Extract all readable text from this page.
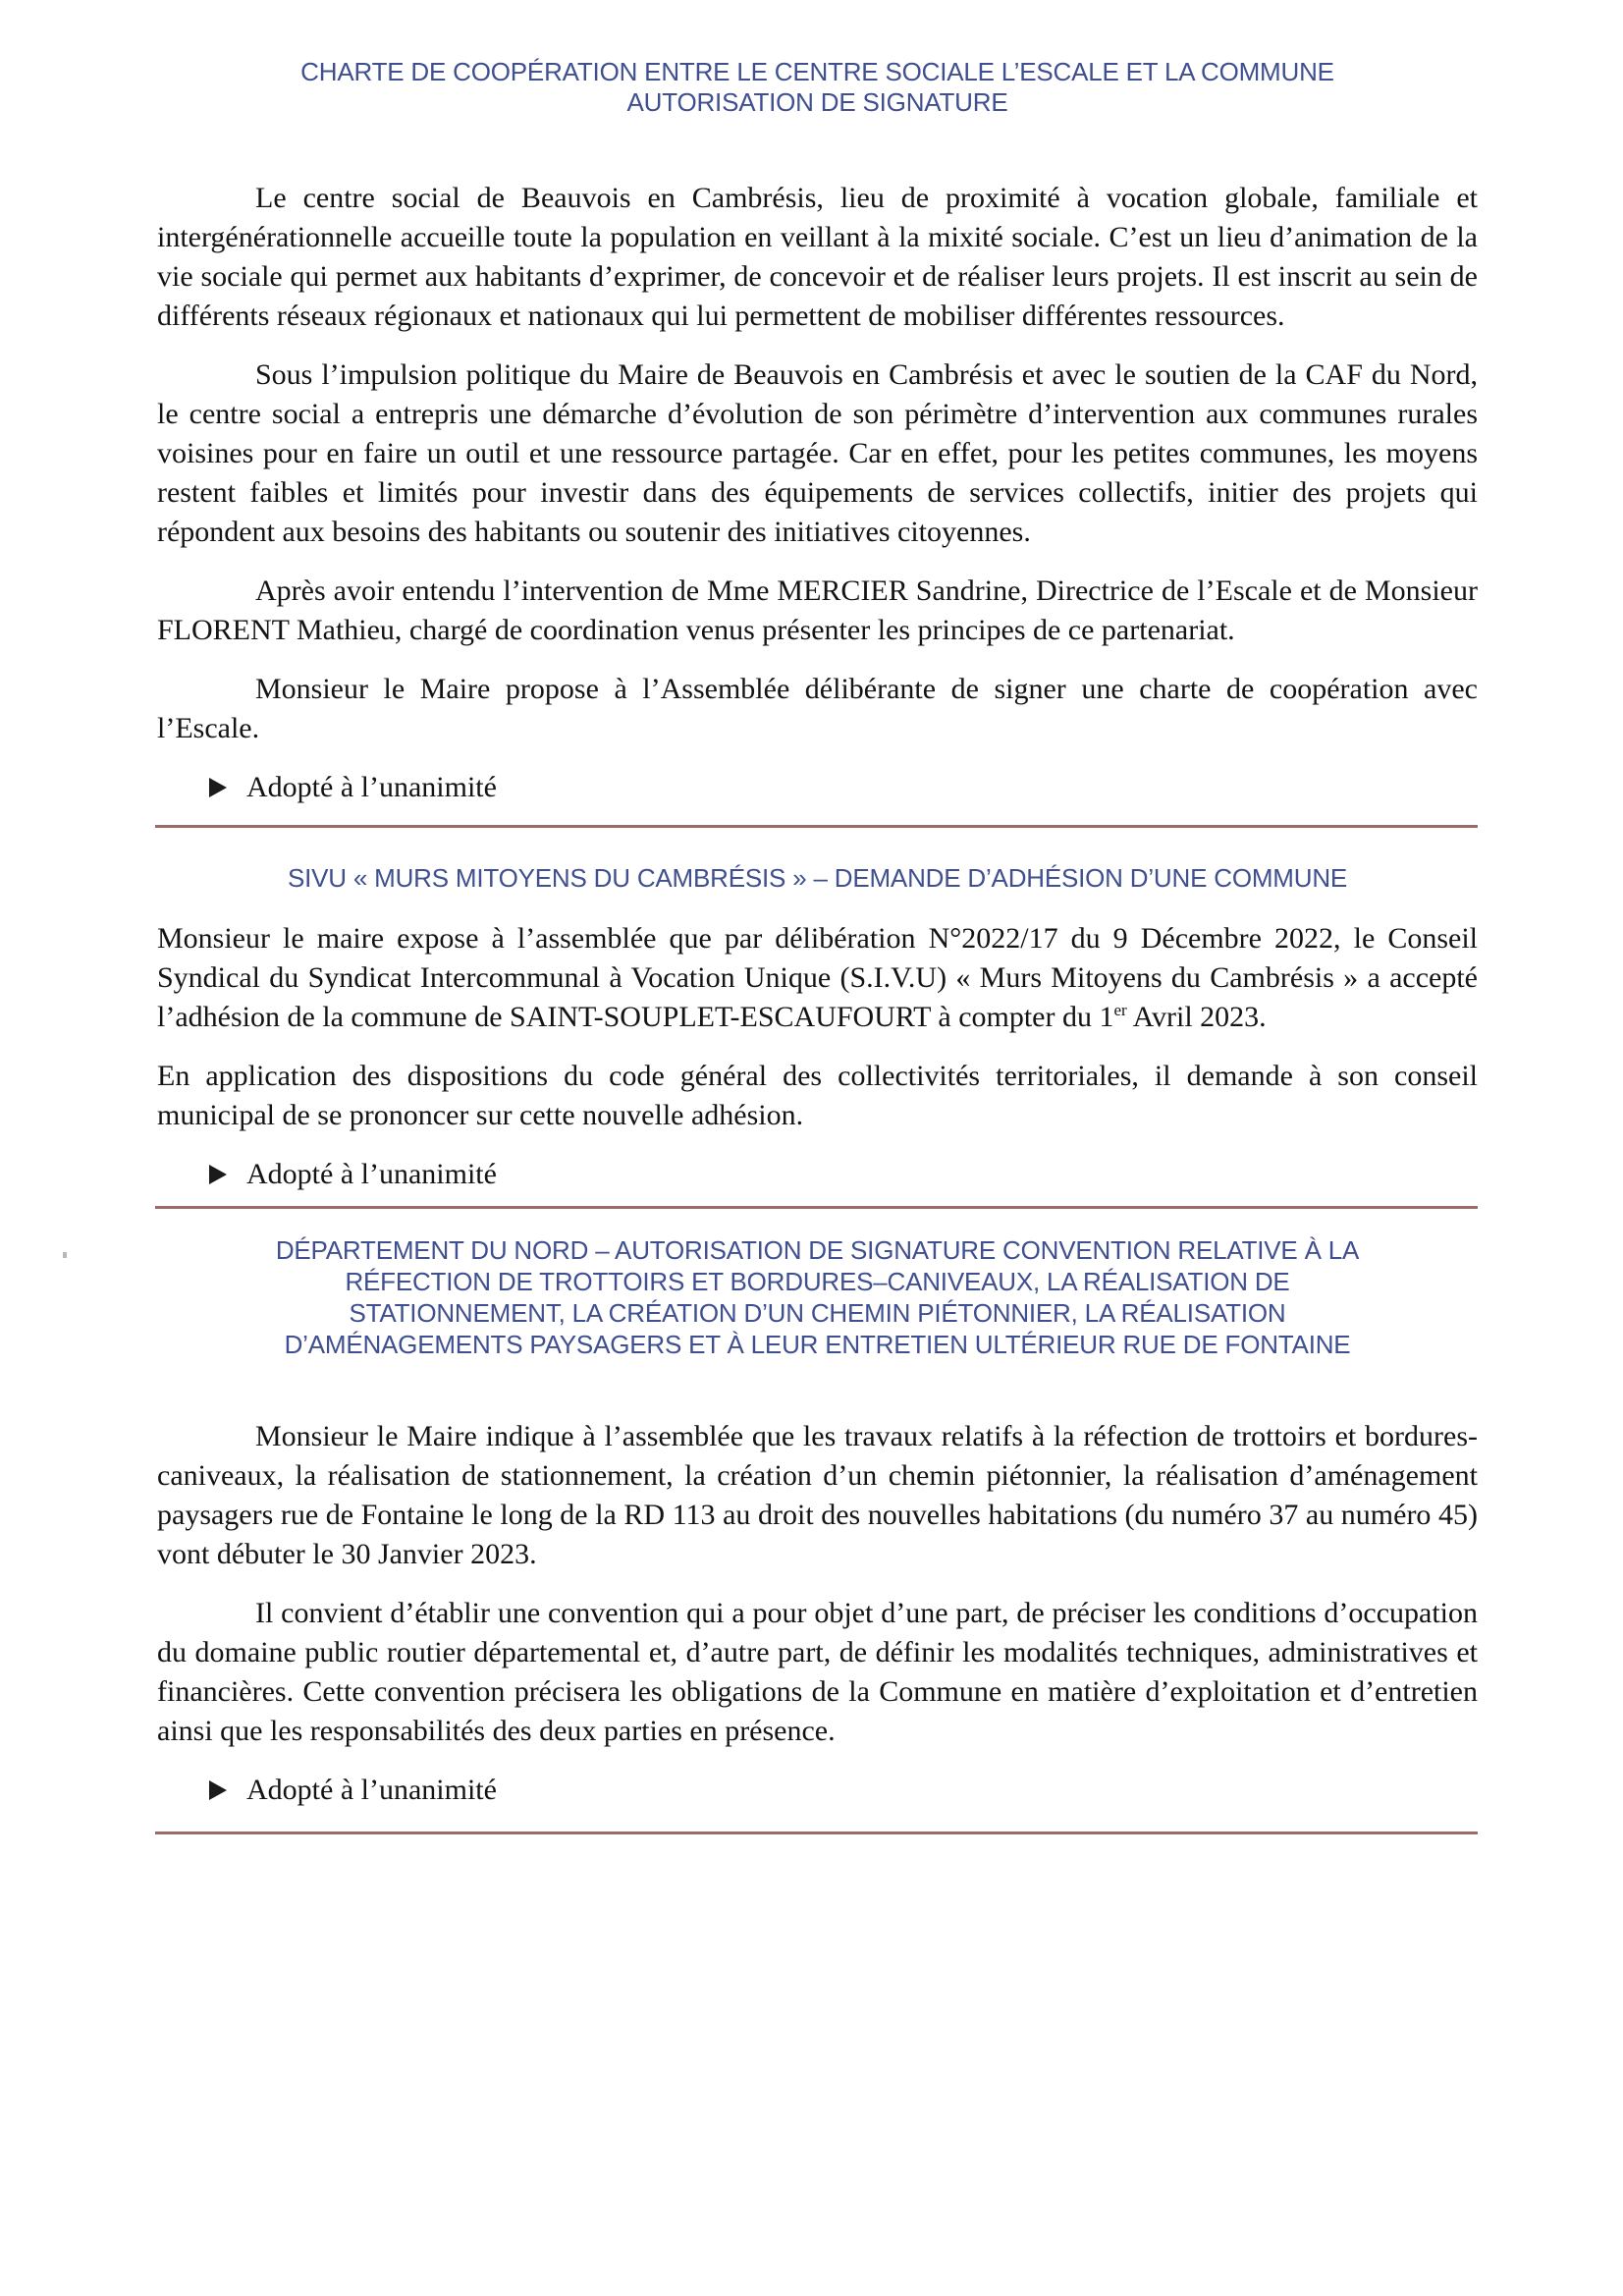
CHARTE DE COOPÉRATION ENTRE LE CENTRE SOCIALE L’ESCALE ET LA COMMUNE
AUTORISATION DE SIGNATURE

Le centre social de Beauvois en Cambrésis, lieu de proximité à vocation globale, familiale et intergénérationnelle accueille toute la population en veillant à la mixité sociale. C’est un lieu d’animation de la vie sociale qui permet aux habitants d’exprimer, de concevoir et de réaliser leurs projets. Il est inscrit au sein de différents réseaux régionaux et nationaux qui lui permettent de mobiliser différentes ressources.

Sous l’impulsion politique du Maire de Beauvois en Cambrésis et avec le soutien de la CAF du Nord, le centre social a entrepris une démarche d’évolution de son périmètre d’intervention aux communes rurales voisines pour en faire un outil et une ressource partagée. Car en effet, pour les petites communes, les moyens restent faibles et limités pour investir dans des équipements de services collectifs, initier des projets qui répondent aux besoins des habitants ou soutenir des initiatives citoyennes.

Après avoir entendu l’intervention de Mme MERCIER Sandrine, Directrice de l’Escale et de Monsieur FLORENT Mathieu, chargé de coordination venus présenter les principes de ce partenariat.

Monsieur le Maire propose à l’Assemblée délibérante de signer une charte de coopération avec l’Escale.

Adopté à l’unanimité
SIVU « MURS MITOYENS DU CAMBRÉSIS » – DEMANDE D’ADHÉSION D’UNE COMMUNE

Monsieur le maire expose à l’assemblée que par délibération N°2022/17 du 9 Décembre 2022, le Conseil Syndical du Syndicat Intercommunal à Vocation Unique (S.I.V.U) « Murs Mitoyens du Cambrésis » a accepté l’adhésion de la commune de SAINT-SOUPLET-ESCAUFOURT à compter du 1er Avril 2023.

En application des dispositions du code général des collectivités territoriales, il demande à son conseil municipal de se prononcer sur cette nouvelle adhésion.

Adopté à l’unanimité
DÉPARTEMENT DU NORD – AUTORISATION DE SIGNATURE CONVENTION RELATIVE À LA
RÉFECTION DE TROTTOIRS ET BORDURES–CANIVEAUX, LA RÉALISATION DE
STATIONNEMENT, LA CRÉATION D’UN CHEMIN PIÉTONNIER, LA RÉALISATION
D’AMÉNAGEMENTS PAYSAGERS ET À LEUR ENTRETIEN ULTÉRIEUR RUE DE FONTAINE

Monsieur le Maire indique à l’assemblée que les travaux relatifs à la réfection de trottoirs et bordures-caniveaux, la réalisation de stationnement, la création d’un chemin piétonnier, la réalisation d’aménagement paysagers rue de Fontaine le long de la RD 113 au droit des nouvelles habitations (du numéro 37 au numéro 45) vont débuter le 30 Janvier 2023.

Il convient d’établir une convention qui a pour objet d’une part, de préciser les conditions d’occupation du domaine public routier départemental et, d’autre part, de définir les modalités techniques, administratives et financières. Cette convention précisera les obligations de la Commune en matière d’exploitation et d’entretien ainsi que les responsabilités des deux parties en présence.

Adopté à l’unanimité
